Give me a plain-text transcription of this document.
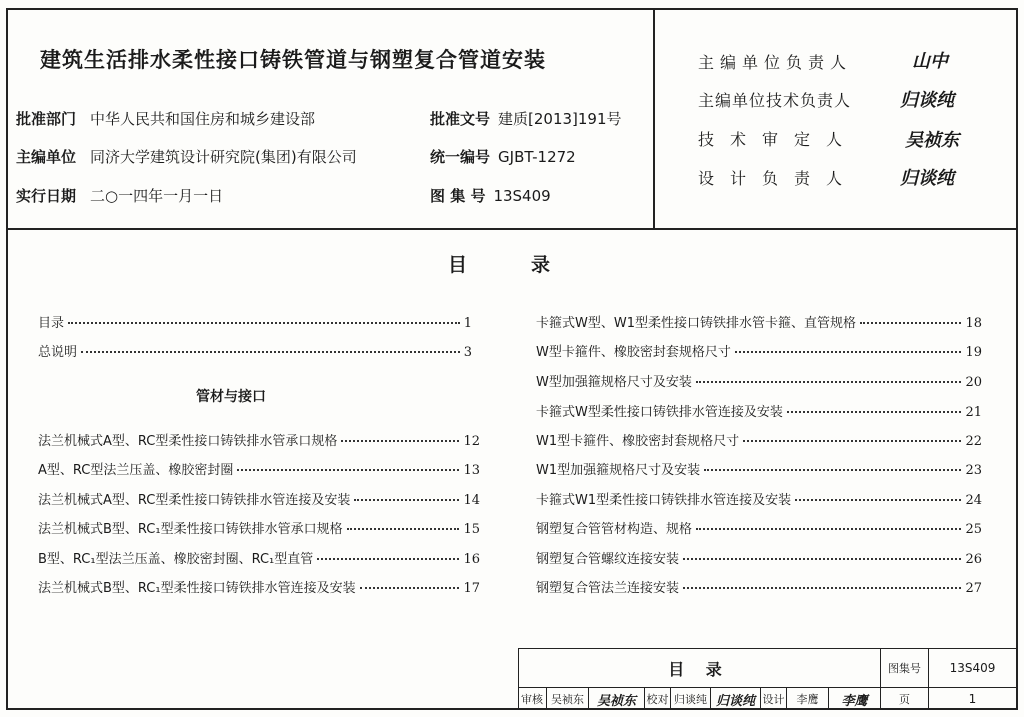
建筑生活排水柔性接口铸铁管道与钢塑复合管道安装
批准部门 中华人民共和国住房和城乡建设部	批准文号 建质[2013]191号
主编单位 同济大学建筑设计研究院(集团)有限公司	统一编号 GJBT-1272
实行日期 二○一四年一月一日	图 集 号 13S409
主编单位负责人	山中
主编单位技术负责人	归谈纯
技术审定人	吴祯东
设计负责人 归谈纯
目录
目录	1
总说明	3
管材与接口
法兰机械式A型、RC型柔性接口铸铁排水管承口规格	12
A型、RC型法兰压盖、橡胶密封圈	13
法兰机械式A型、RC型柔性接口铸铁排水管连接及安装	14
法兰机械式B型、RC₁型柔性接口铸铁排水管承口规格	15
B型、RC₁型法兰压盖、橡胶密封圈、RC₁型直管	16
法兰机械式B型、RC₁型柔性接口铸铁排水管连接及安装	17
卡箍式W型、W1型柔性接口铸铁排水管卡箍、直管规格	18
W型卡箍件、橡胶密封套规格尺寸	19
W型加强箍规格尺寸及安装	20
卡箍式W型柔性接口铸铁排水管连接及安装	21
W1型卡箍件、橡胶密封套规格尺寸	22
W1型加强箍规格尺寸及安装	23
卡箍式W1型柔性接口铸铁排水管连接及安装	24
钢塑复合管管材构造、规格	25
钢塑复合管螺纹连接安装	26
钢塑复合管法兰连接安装	27
目 录	图集号	13S409
审核 吴祯东 吴祯东 校对 归谈纯 归谈纯 设计	李鹰	李鹰	页	1
